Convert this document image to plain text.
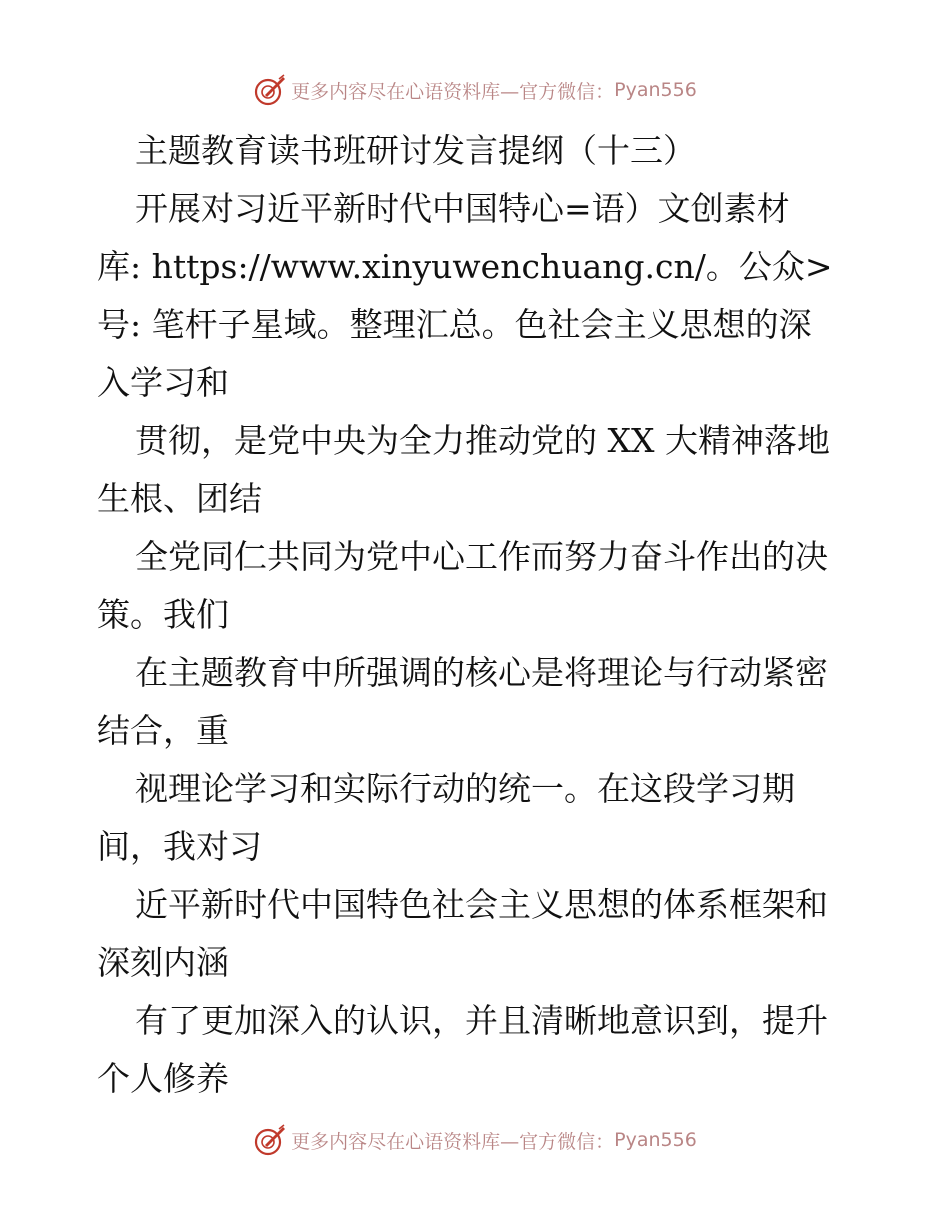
更多内容尽在心语资料库—官方微信： Pyan556
主题教育读书班研讨发言提纲（十三）
开展对习近平新时代中国特心=语）文创素材
库: https://www.xinyuwenchuang.cn/。公众>
号: 笔杆子星域。整理汇总。色社会主义思想的深
入学习和
贯彻，是党中央为全力推动党的 XX 大精神落地
生根、团结
全党同仁共同为党中心工作而努力奋斗作出的决
策。我们
在主题教育中所强调的核心是将理论与行动紧密
结合，重
视理论学习和实际行动的统一。在这段学习期
间，我对习
近平新时代中国特色社会主义思想的体系框架和
深刻内涵
有了更加深入的认识，并且清晰地意识到，提升
个人修养
更多内容尽在心语资料库—官方微信： Pyan556
